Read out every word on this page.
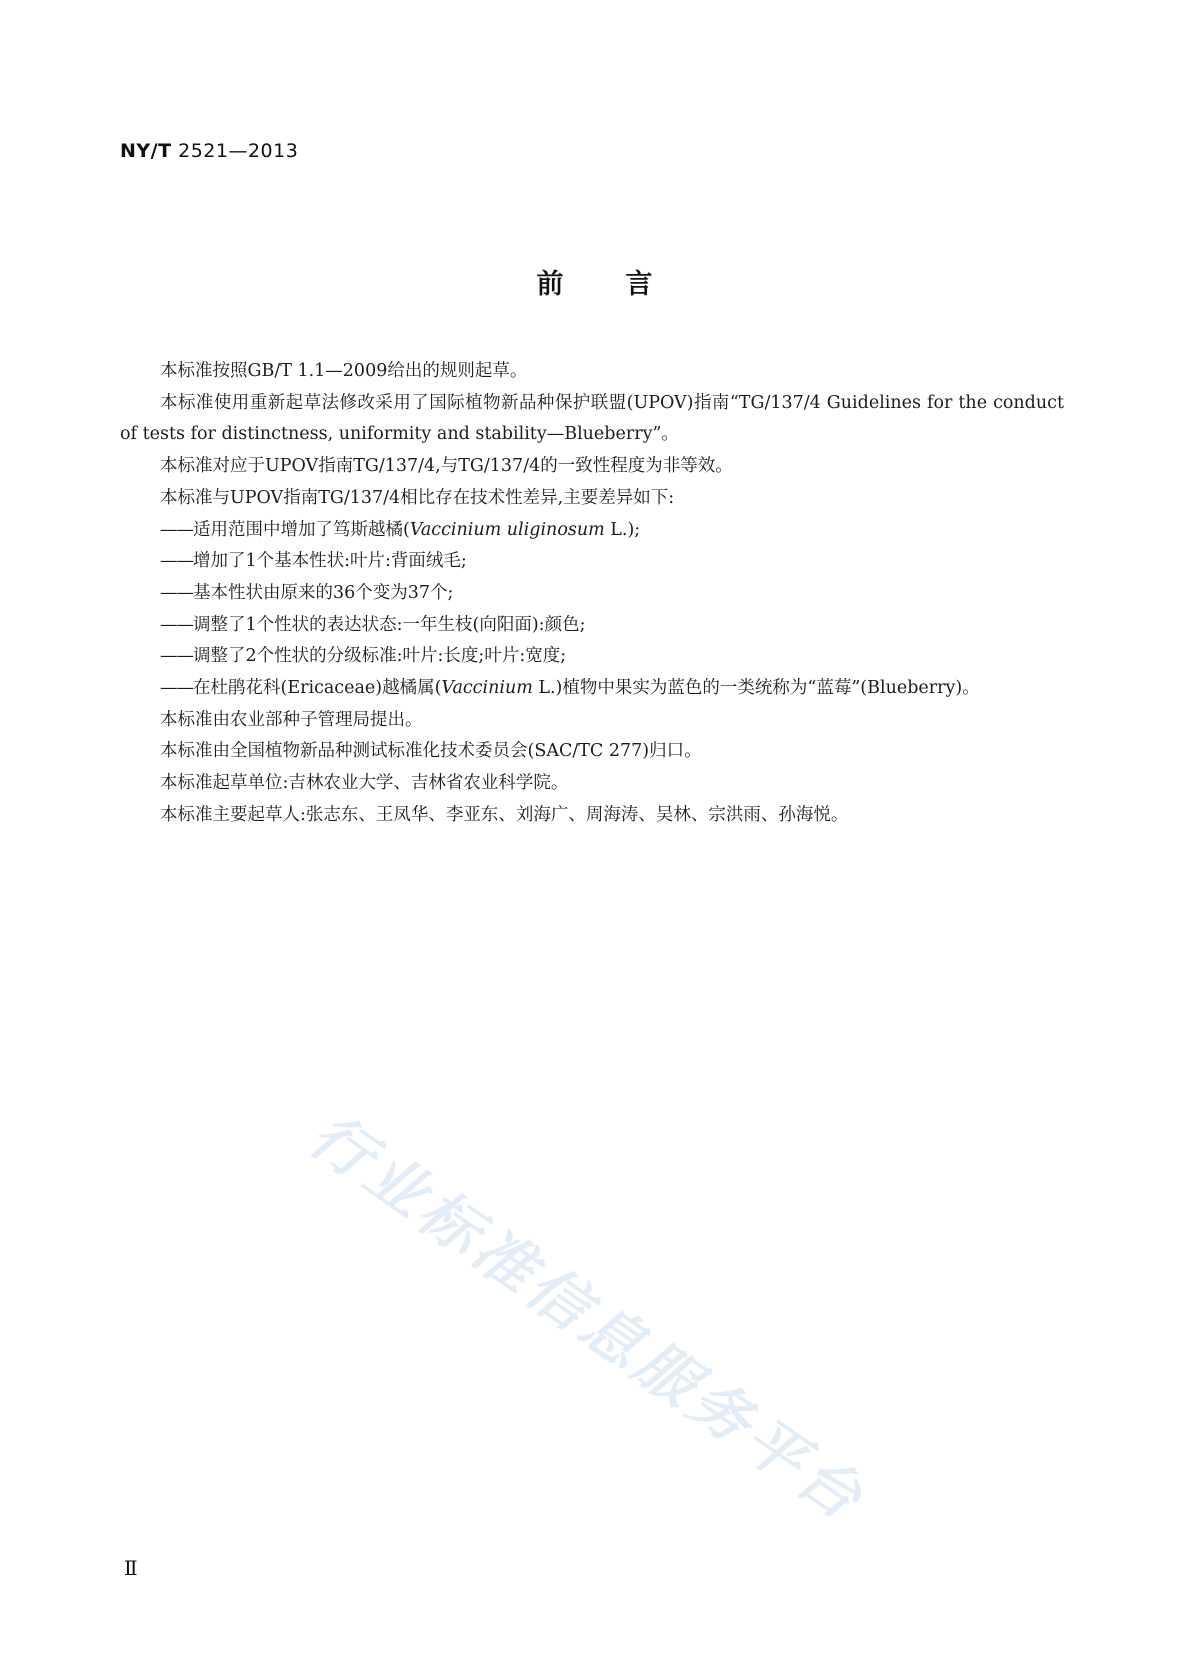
NY/T 2521—2013
前言

本标准按照GB/T 1.1—2009给出的规则起草。

本标准使用重新起草法修改采用了国际植物新品种保护联盟(UPOV)指南“TG/137/4 Guidelines for the conduct of tests for distinctness, uniformity and stability—Blueberry”。

本标准对应于UPOV指南TG/137/4,与TG/137/4的一致性程度为非等效。

本标准与UPOV指南TG/137/4相比存在技术性差异,主要差异如下:

——适用范围中增加了笃斯越橘(Vaccinium uliginosum L.);
——增加了1个基本性状:叶片:背面绒毛;
——基本性状由原来的36个变为37个;
——调整了1个性状的表达状态:一年生枝(向阳面):颜色;
——调整了2个性状的分级标准:叶片:长度;叶片:宽度;
——在杜鹃花科(Ericaceae)越橘属(Vaccinium L.)植物中果实为蓝色的一类统称为“蓝莓”(Blueberry)。

本标准由农业部种子管理局提出。

本标准由全国植物新品种测试标准化技术委员会(SAC/TC 277)归口。

本标准起草单位:吉林农业大学、吉林省农业科学院。

本标准主要起草人:张志东、王凤华、李亚东、刘海广、周海涛、吴林、宗洪雨、孙海悦。

行业标准信息服务平台
Ⅱ
